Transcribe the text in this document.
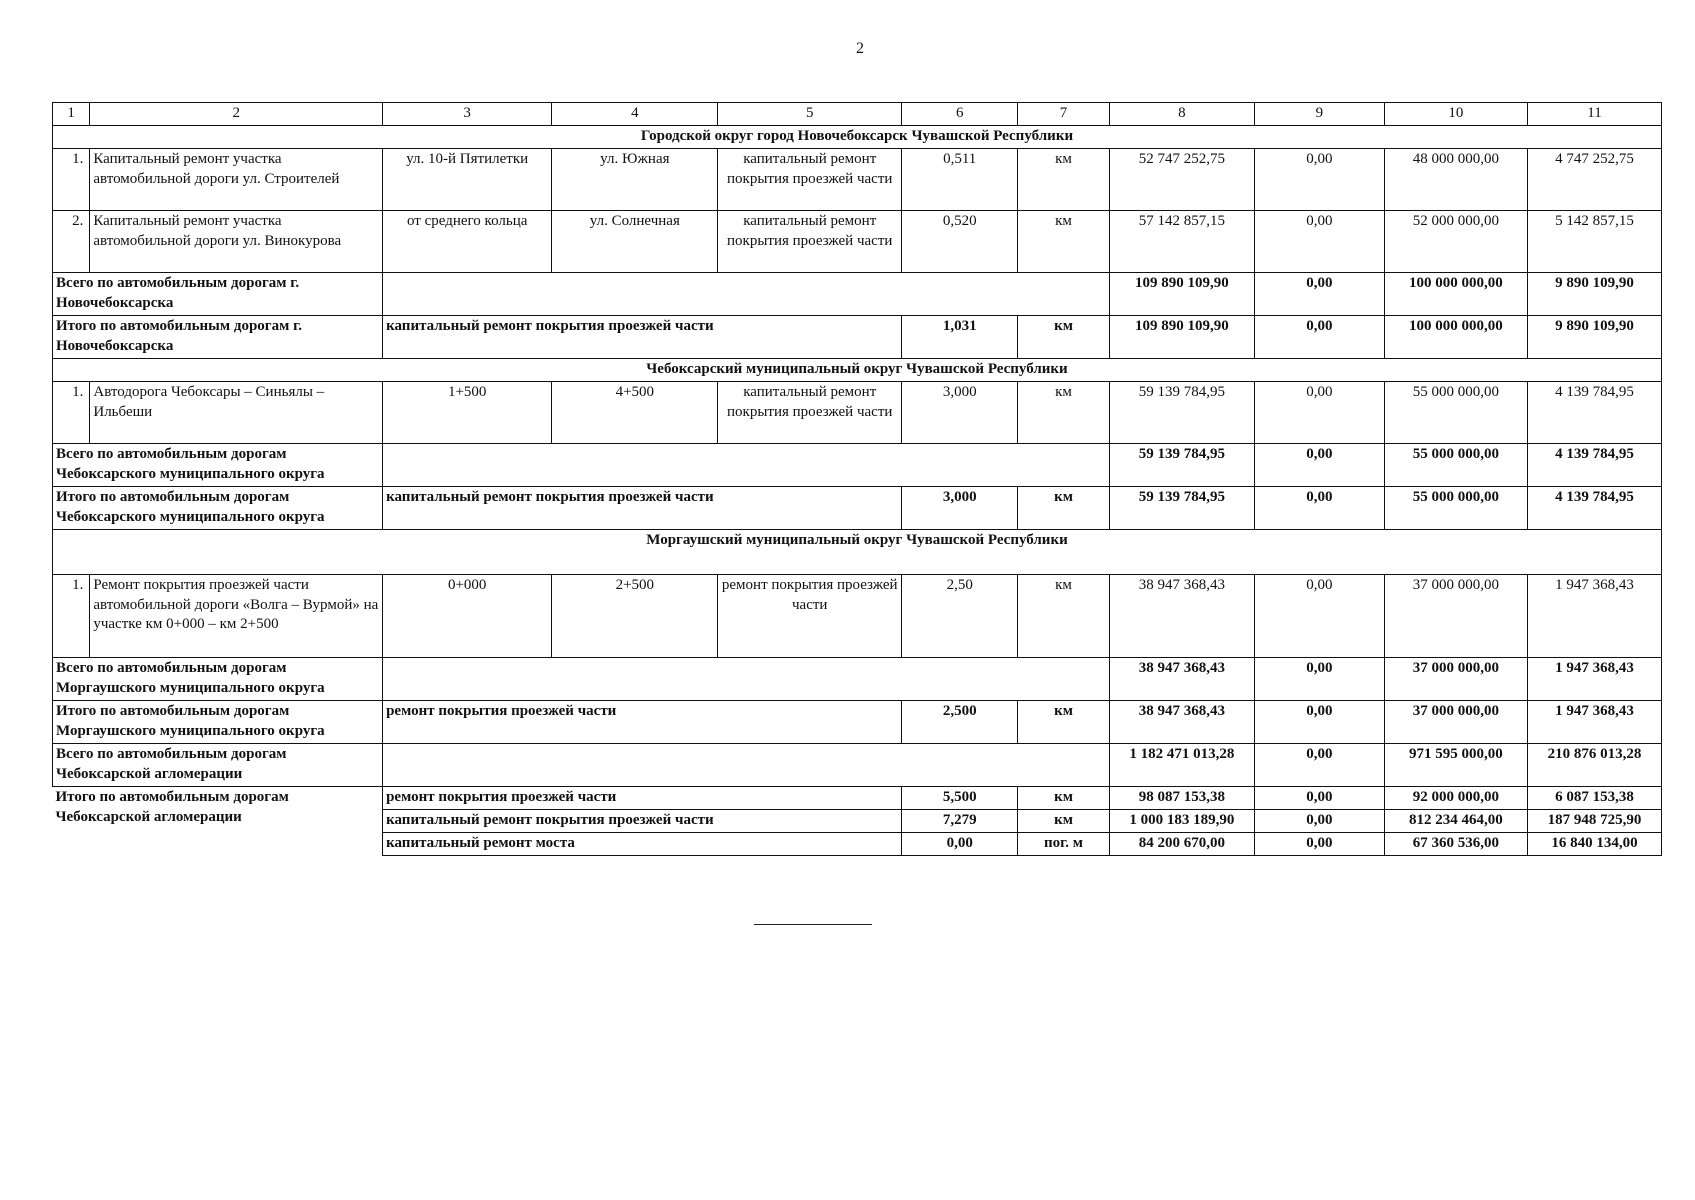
2
1	2	3	4	5	6	7	8	9	10	11
Городской округ город Новочебоксарск Чувашской Республики										
1.	Капитальный ремонт участка автомобильной дороги ул. Строителей	ул. 10-й Пятилетки	ул. Южная	капитальный ремонт покрытия проезжей части	0,511	км	52 747 252,75	0,00	48 000 000,00	4 747 252,75
2.	Капитальный ремонт участка автомобильной дороги ул. Винокурова	от среднего кольца	ул. Солнечная	капитальный ремонт покрытия проезжей части	0,520	км	57 142 857,15	0,00	52 000 000,00	5 142 857,15
Всего по автомобильным дорогам г. Новочебоксарска							109 890 109,90	0,00	100 000 000,00	9 890 109,90
Итого по автомобильным дорогам г. Новочебоксарска		капитальный ремонт покрытия проезжей части			1,031	км	109 890 109,90	0,00	100 000 000,00	9 890 109,90
Чебоксарский муниципальный округ Чувашской Республики										
1.	Автодорога Чебоксары – Синьялы – Ильбеши	1+500	4+500	капитальный ремонт покрытия проезжей части	3,000	км	59 139 784,95	0,00	55 000 000,00	4 139 784,95
Всего по автомобильным дорогам Чебоксарского муниципального округа							59 139 784,95	0,00	55 000 000,00	4 139 784,95
Итого по автомобильным дорогам Чебоксарского муниципального округа		капитальный ремонт покрытия проезжей части			3,000	км	59 139 784,95	0,00	55 000 000,00	4 139 784,95
Моргаушский муниципальный округ Чувашской Республики										

1.	Ремонт покрытия проезжей части автомобильной дороги «Волга – Вурмой» на участке км 0+000 – км 2+500	0+000	2+500	ремонт покрытия проезжей части	2,50	км	38 947 368,43	0,00	37 000 000,00	1 947 368,43
Всего по автомобильным дорогам Моргаушского муниципального округа							38 947 368,43	0,00	37 000 000,00	1 947 368,43
Итого по автомобильным дорогам Моргаушского муниципального округа		ремонт покрытия проезжей части			2,500	км	38 947 368,43	0,00	37 000 000,00	1 947 368,43
Всего по автомобильным дорогам Чебоксарской агломерации							1 182 471 013,28	0,00	971 595 000,00	210 876 013,28
Итого по автомобильным дорогам Чебоксарской агломерации		ремонт покрытия проезжей части			5,500	км	98 087 153,38	0,00	92 000 000,00	6 087 153,38
		капитальный ремонт покрытия проезжей части			7,279	км	1 000 183 189,90	0,00	812 234 464,00	187 948 725,90
		капитальный ремонт моста			0,00	пог. м	84 200 670,00	0,00	67 360 536,00	16 840 134,00
